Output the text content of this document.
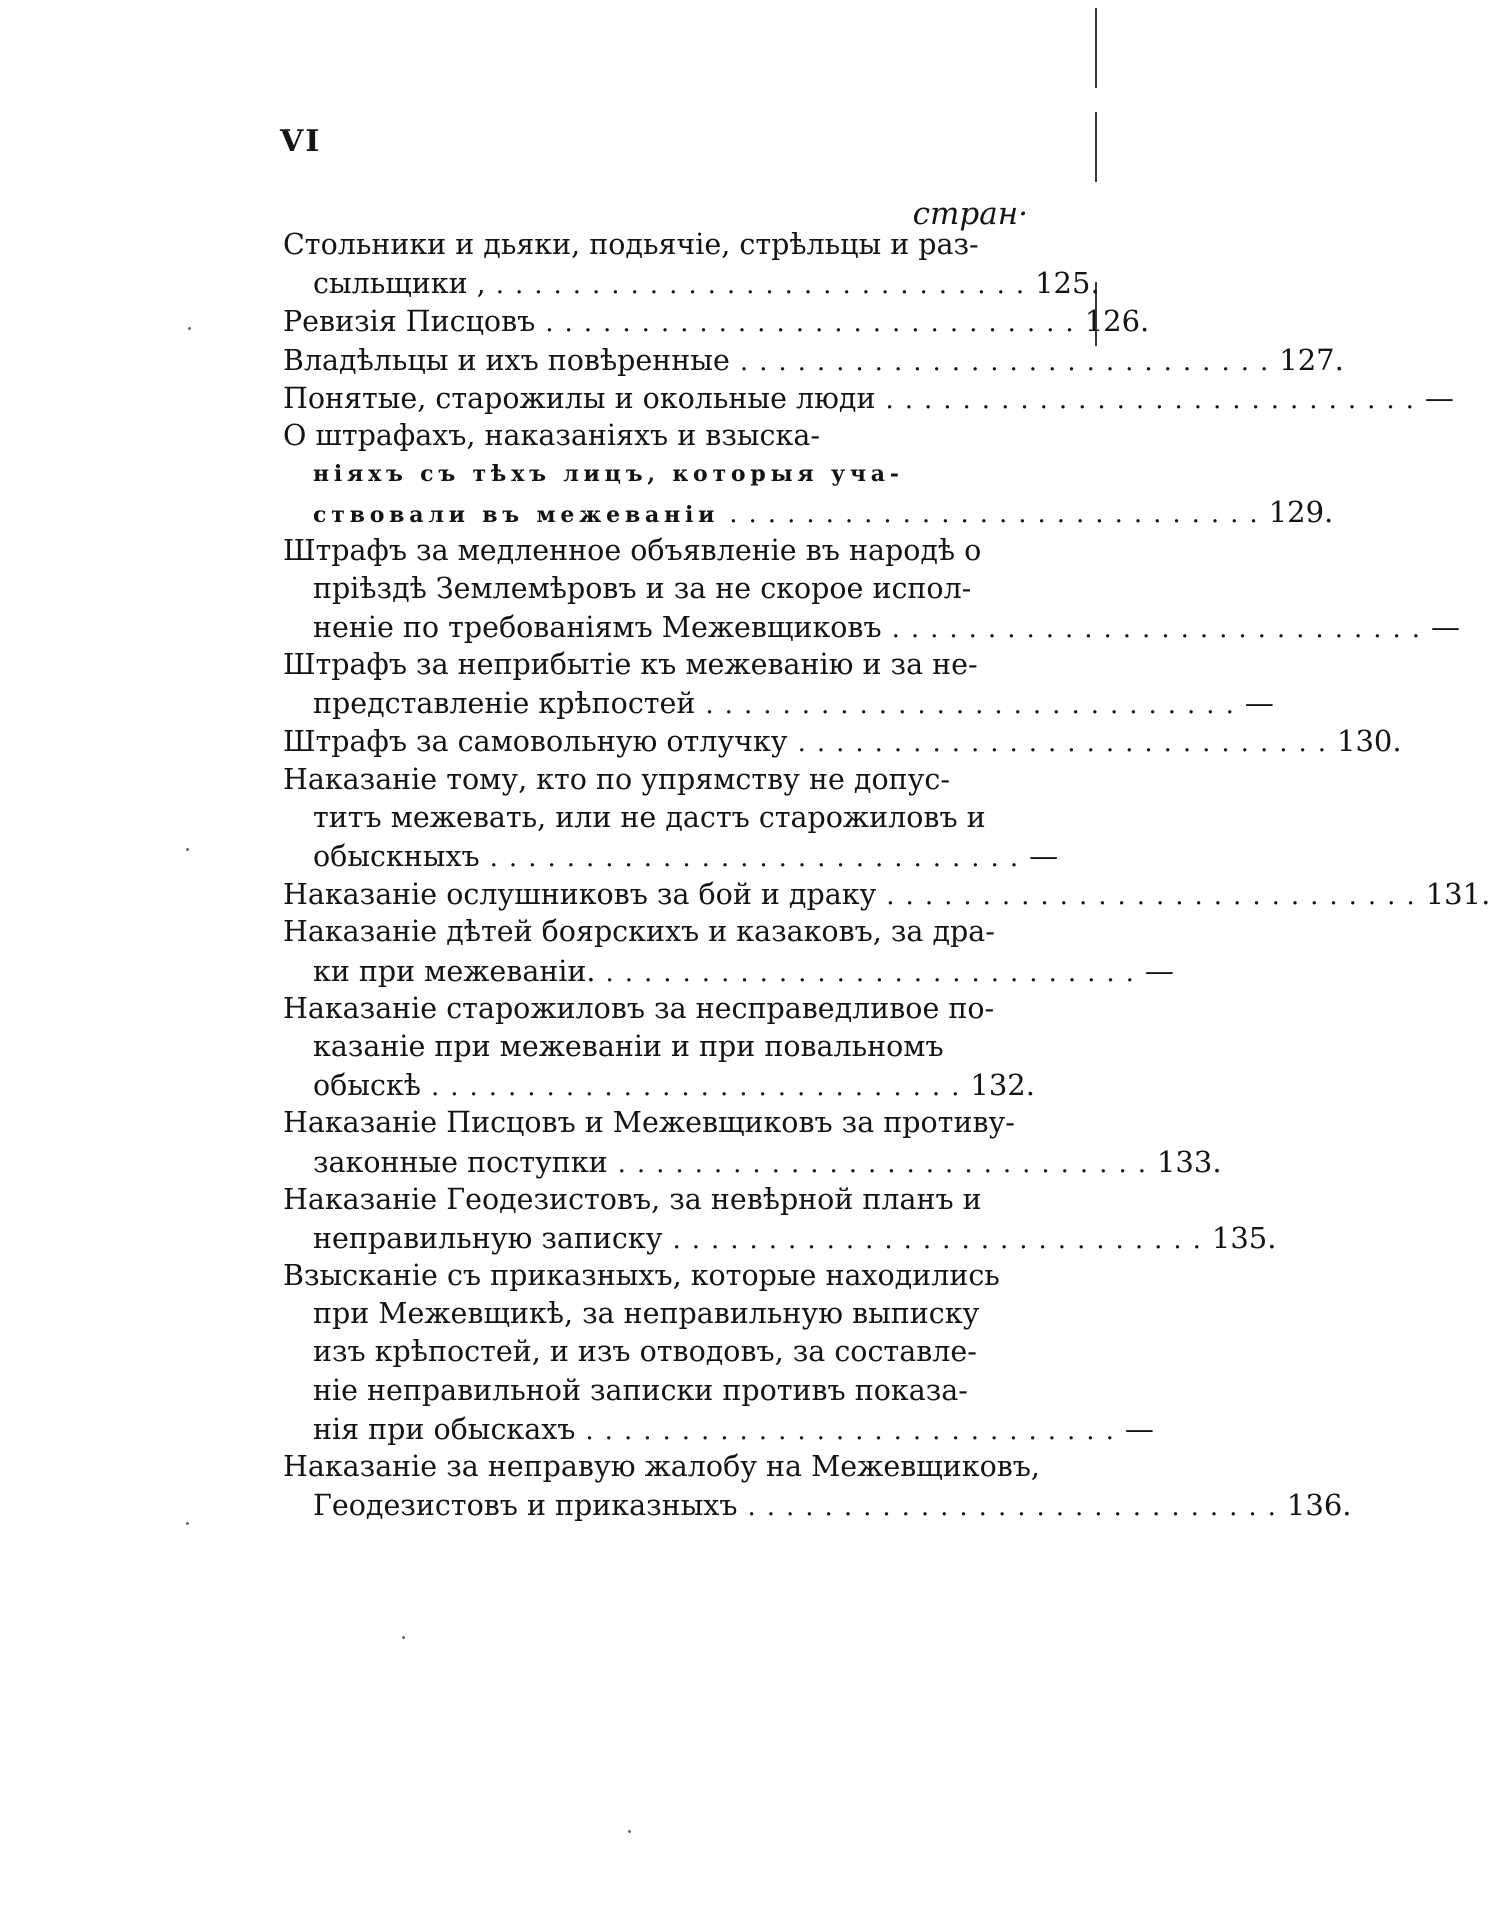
VI
стран·
Стольники и дьяки, подьячіе, стрѣльцы и раз-
сыльщики , ............................ 125.
Ревизія Писцовъ ............................ 126.
Владѣльцы и ихъ повѣренные ............................ 127.
Понятые, старожилы и окольные люди ............................ —
О штрафахъ, наказаніяхъ и взыска-
ніяхъ съ тѣхъ лицъ, которыя уча-
ствовали въ межеваніи ............................ 129.
Штрафъ за медленное объявленіе въ народѣ о
пріѣздѣ Землемѣровъ и за не скорое испол-
неніе по требованіямъ Межевщиковъ ............................ —
Штрафъ за неприбытіе къ межеванію и за не-
представленіе крѣпостей ............................ —
Штрафъ за самовольную отлучку ............................ 130.
Наказаніе тому, кто по упрямству не допус-
титъ межевать, или не дастъ старожиловъ и
обыскныхъ ............................ —
Наказаніе ослушниковъ за бой и драку ............................ 131.
Наказаніе дѣтей боярскихъ и казаковъ, за дра-
ки при межеваніи. ............................ —
Наказаніе старожиловъ за несправедливое по-
казаніе при межеваніи и при повальномъ
обыскѣ ............................ 132.
Наказаніе Писцовъ и Межевщиковъ за противу-
законные поступки ............................ 133.
Наказаніе Геодезистовъ, за невѣрной планъ и
неправильную записку ............................ 135.
Взысканіе съ приказныхъ, которые находились
при Межевщикѣ, за неправильную выписку
изъ крѣпостей, и изъ отводовъ, за составле-
ніе неправильной записки противъ показа-
нія при обыскахъ ............................ —
Наказаніе за неправую жалобу на Межевщиковъ,
Геодезистовъ и приказныхъ ............................ 136.
